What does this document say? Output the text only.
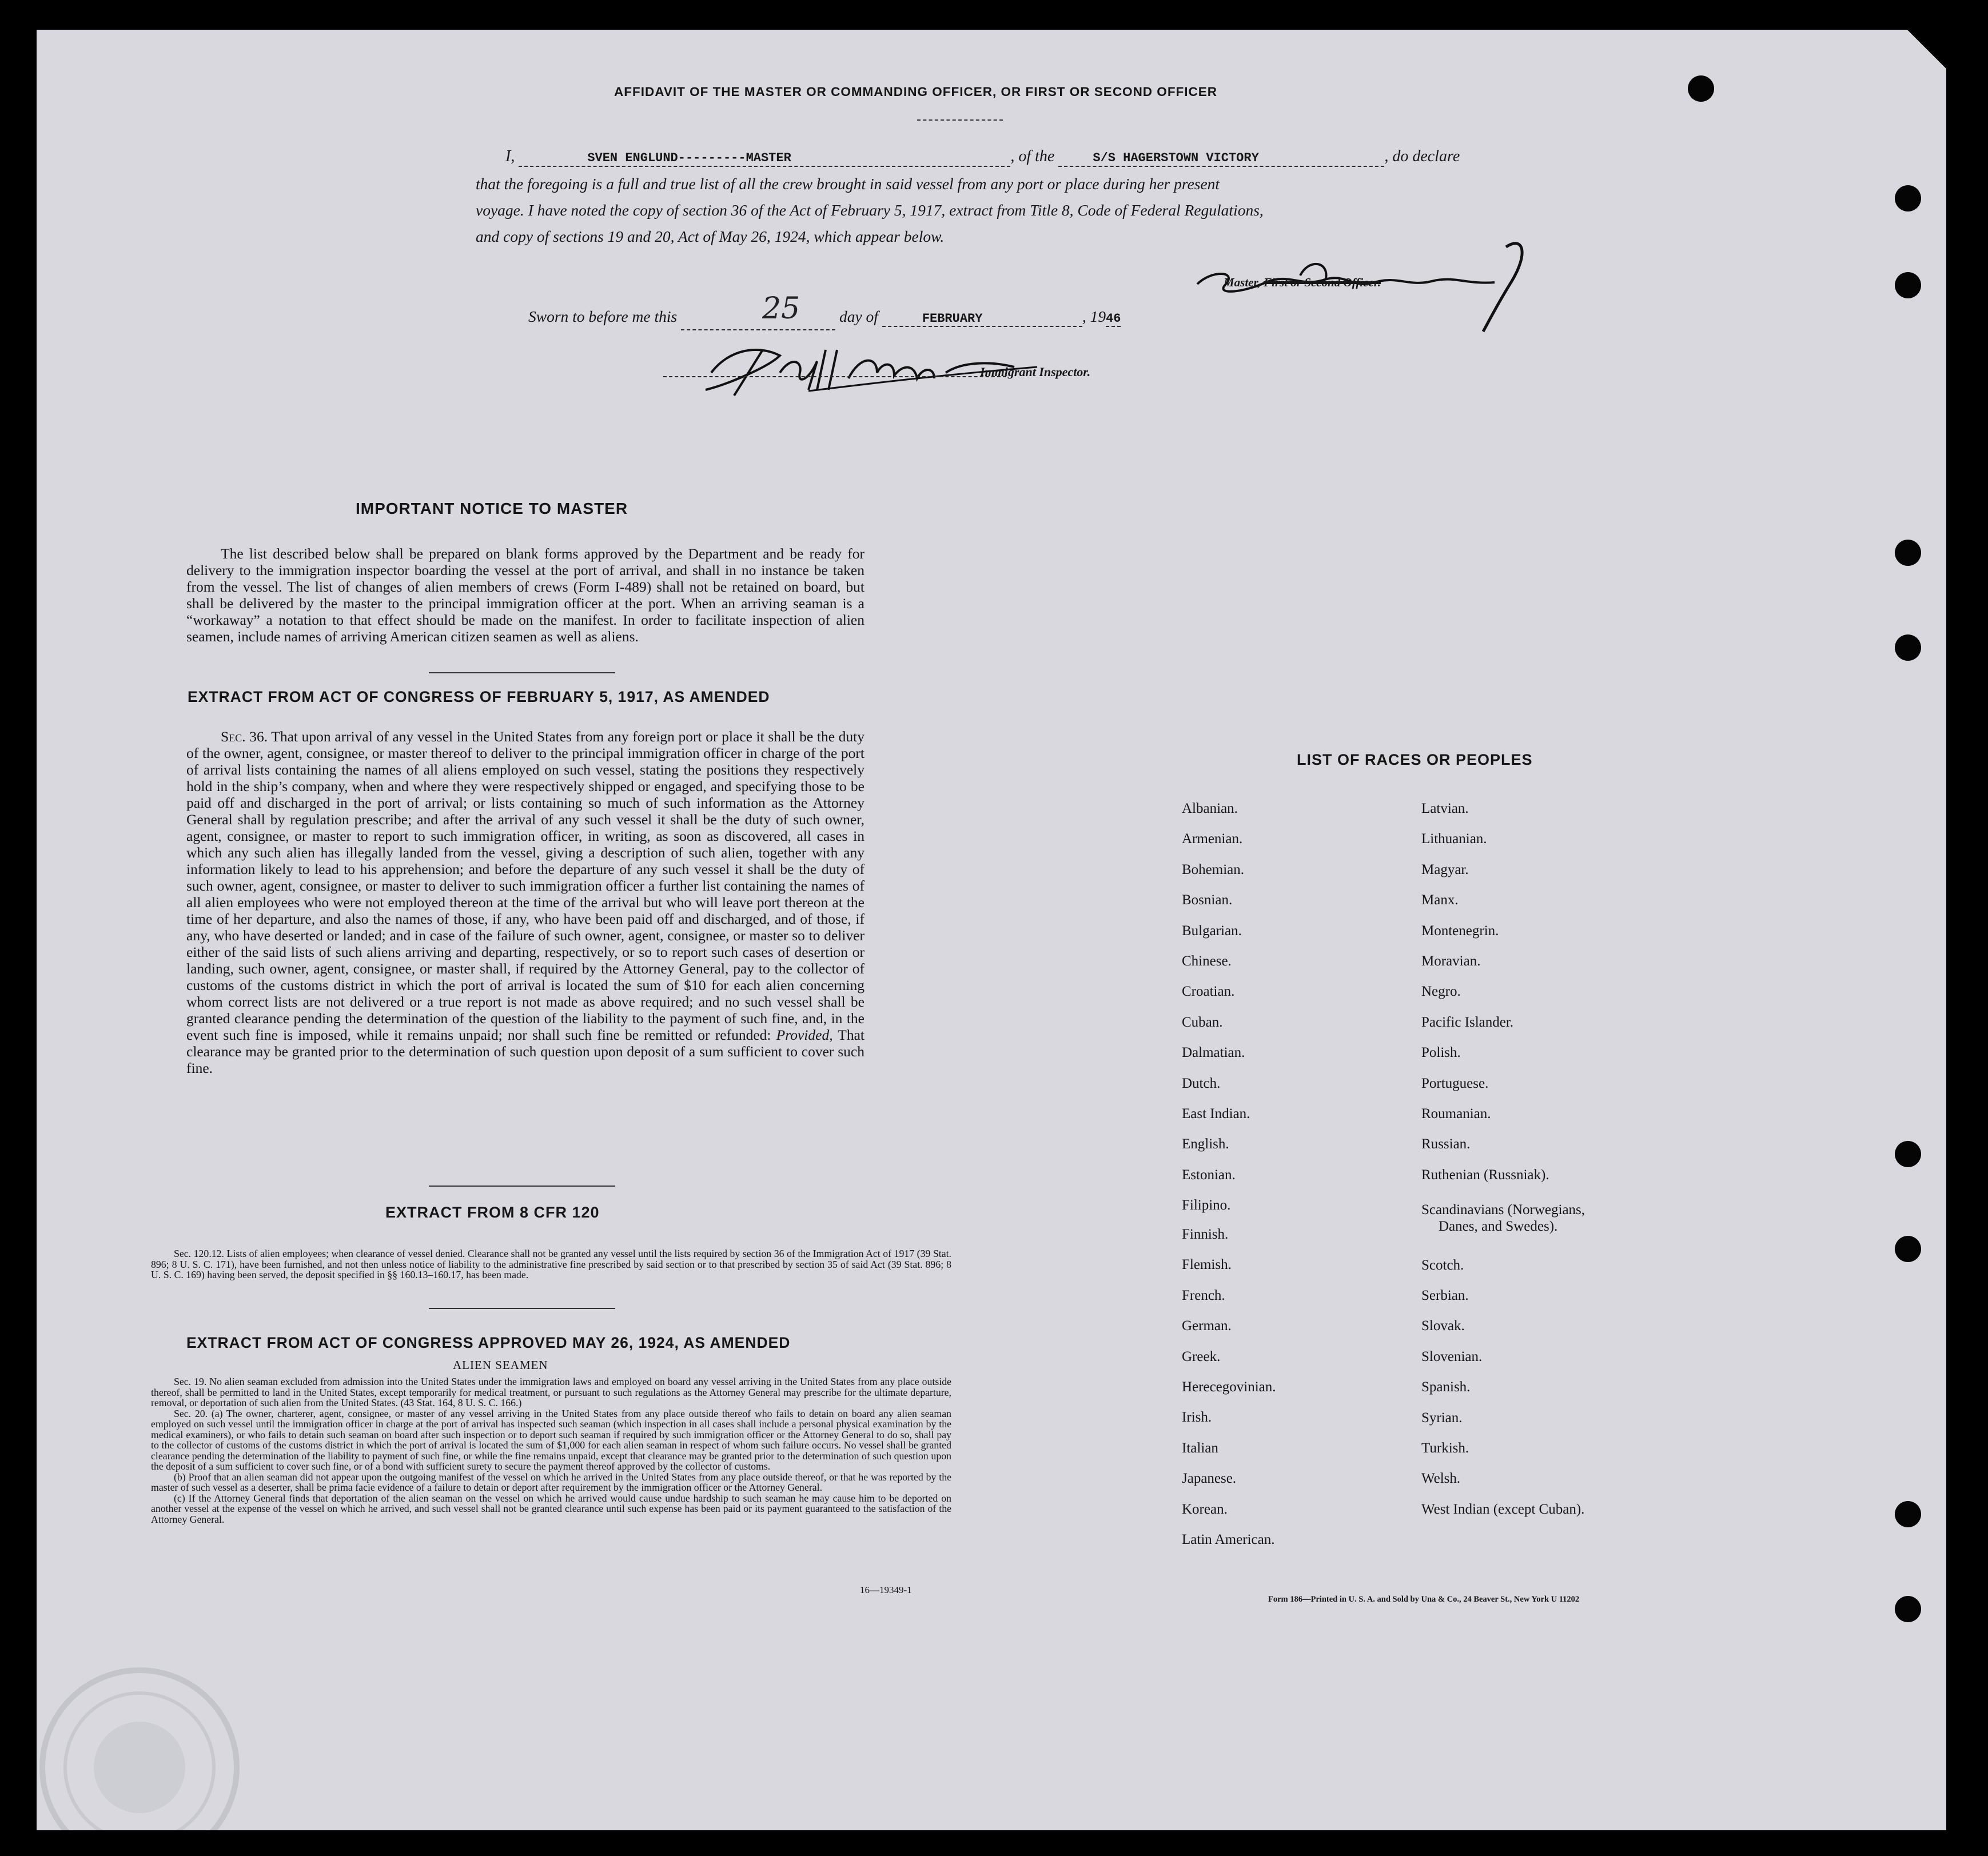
AFFIDAVIT OF THE MASTER OR COMMANDING OFFICER, OR FIRST OR SECOND OFFICER
I,	SVEN ENGLUND---------MASTER	, of the	S/S HAGERSTOWN VICTORY	, do declare
that the foregoing is a full and true list of all the crew brought in said vessel from any port or place during her present
voyage. I have noted the copy of section 36 of the Act of February 5, 1917, extract from Title 8, Code of Federal Regulations,
and copy of sections 19 and 20, Act of May 26, 1924, which appear below.
Master, First or Second Officer.
Sworn to before me this	25	day of	FEBRUARY	, 1946
Immigrant Inspector.
IMPORTANT NOTICE TO MASTER
The list described below shall be prepared on blank forms approved by the Department and be ready for delivery to the immigration inspector boarding the vessel at the port of arrival, and shall in no instance be taken from the vessel. The list of changes of alien members of crews (Form I-489) shall not be retained on board, but shall be delivered by the master to the principal immigration officer at the port. When an arriving seaman is a “workaway” a notation to that effect should be made on the manifest. In order to facilitate inspection of alien seamen, include names of arriving American citizen seamen as well as aliens.
EXTRACT FROM ACT OF CONGRESS OF FEBRUARY 5, 1917, AS AMENDED
Sec. 36. That upon arrival of any vessel in the United States from any foreign port or place it shall be the duty of the owner, agent, consignee, or master thereof to deliver to the principal immigration officer in charge of the port of arrival lists containing the names of all aliens employed on such vessel, stating the positions they respectively hold in the ship’s company, when and where they were respectively shipped or engaged, and specifying those to be paid off and discharged in the port of arrival; or lists containing so much of such information as the Attorney General shall by regulation prescribe; and after the arrival of any such vessel it shall be the duty of such owner, agent, consignee, or master to report to such immigration officer, in writing, as soon as discovered, all cases in which any such alien has illegally landed from the vessel, giving a description of such alien, together with any information likely to lead to his apprehension; and before the departure of any such vessel it shall be the duty of such owner, agent, consignee, or master to deliver to such immigration officer a further list containing the names of all alien employees who were not employed thereon at the time of the arrival but who will leave port thereon at the time of her departure, and also the names of those, if any, who have been paid off and discharged, and of those, if any, who have deserted or landed; and in case of the failure of such owner, agent, consignee, or master so to deliver either of the said lists of such aliens arriving and departing, respectively, or so to report such cases of desertion or landing, such owner, agent, consignee, or master shall, if required by the Attorney General, pay to the collector of customs of the customs district in which the port of arrival is located the sum of $10 for each alien concerning whom correct lists are not delivered or a true report is not made as above required; and no such vessel shall be granted clearance pending the determination of the question of the liability to the payment of such fine, and, in the event such fine is imposed, while it remains unpaid; nor shall such fine be remitted or refunded: Provided, That clearance may be granted prior to the determination of such question upon deposit of a sum sufficient to cover such fine.
EXTRACT FROM 8 CFR 120
Sec. 120.12. Lists of alien employees; when clearance of vessel denied. Clearance shall not be granted any vessel until the lists required by section 36 of the Immigration Act of 1917 (39 Stat. 896; 8 U. S. C. 171), have been furnished, and not then unless notice of liability to the administrative fine prescribed by said section or to that prescribed by section 35 of said Act (39 Stat. 896; 8 U. S. C. 169) having been served, the deposit specified in §§ 160.13–160.17, has been made.
EXTRACT FROM ACT OF CONGRESS APPROVED MAY 26, 1924, AS AMENDED
ALIEN SEAMEN
Sec. 19. No alien seaman excluded from admission into the United States under the immigration laws and employed on board any vessel arriving in the United States from any place outside thereof, shall be permitted to land in the United States, except temporarily for medical treatment, or pursuant to such regulations as the Attorney General may prescribe for the ultimate departure, removal, or deportation of such alien from the United States. (43 Stat. 164, 8 U. S. C. 166.)
Sec. 20. (a) The owner, charterer, agent, consignee, or master of any vessel arriving in the United States from any place outside thereof who fails to detain on board any alien seaman employed on such vessel until the immigration officer in charge at the port of arrival has inspected such seaman (which inspection in all cases shall include a personal physical examination by the medical examiners), or who fails to detain such seaman on board after such inspection or to deport such seaman if required by such immigration officer or the Attorney General to do so, shall pay to the collector of customs of the customs district in which the port of arrival is located the sum of $1,000 for each alien seaman in respect of whom such failure occurs. No vessel shall be granted clearance pending the determination of the liability to payment of such fine, or while the fine remains unpaid, except that clearance may be granted prior to the determination of such question upon the deposit of a sum sufficient to cover such fine, or of a bond with sufficient surety to secure the payment thereof approved by the collector of customs.
(b) Proof that an alien seaman did not appear upon the outgoing manifest of the vessel on which he arrived in the United States from any place outside thereof, or that he was reported by the master of such vessel as a deserter, shall be prima facie evidence of a failure to detain or deport after requirement by the immigration officer or the Attorney General.
(c) If the Attorney General finds that deportation of the alien seaman on the vessel on which he arrived would cause undue hardship to such seaman he may cause him to be deported on another vessel at the expense of the vessel on which he arrived, and such vessel shall not be granted clearance until such expense has been paid or its payment guaranteed to the satisfaction of the Attorney General.
16—19349-1
LIST OF RACES OR PEOPLES
Albanian.
Armenian.
Bohemian.
Bosnian.
Bulgarian.
Chinese.
Croatian.
Cuban.
Dalmatian.
Dutch.
East Indian.
English.
Estonian.
Filipino.
Finnish.
Flemish.
French.
German.
Greek.
Herecegovinian.
Irish.
Italian
Japanese.
Korean.
Latin American.
Latvian.
Lithuanian.
Magyar.
Manx.
Montenegrin.
Moravian.
Negro.
Pacific Islander.
Polish.
Portuguese.
Roumanian.
Russian.
Ruthenian (Russniak).
Scandinavians (Norwegians,
Danes, and Swedes).
Scotch.
Serbian.
Slovak.
Slovenian.
Spanish.
Syrian.
Turkish.
Welsh.
West Indian (except Cuban).
Form 186—Printed in U. S. A. and Sold by Una & Co., 24 Beaver St., New York U 11202
